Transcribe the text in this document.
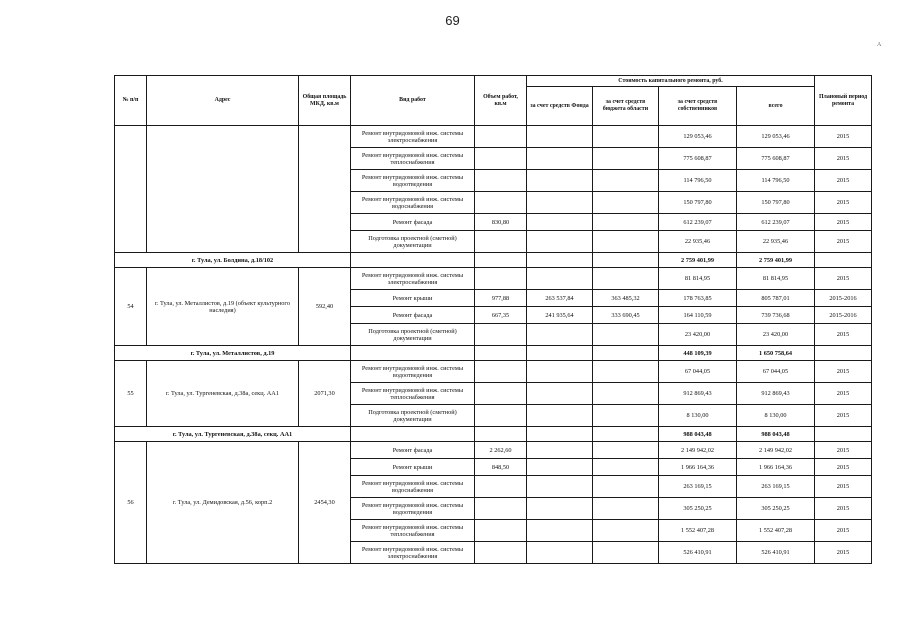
69
A
№ п/п	Адрес	Общая площадь МКД, кв.м	Вид работ	Объем работ, кв.м	Стоимость капитального ремонта, руб.				Плановый период ремонта
					за счет средств Фонда	за счет средств бюджета области	за счет средств собственников	всего	
			Ремонт внутридомовой инж. системы электроснабжения				129 053,46	129 053,46	2015
			Ремонт внутридомовой инж. системы теплоснабжения				775 608,87	775 608,87	2015
			Ремонт внутридомовой инж. системы водоотведения				114 796,50	114 796,50	2015
			Ремонт внутридомовой инж. системы водоснабжения				150 797,80	150 797,80	2015
			Ремонт фасада	830,80			612 239,07	612 239,07	2015
			Подготовка проектной (сметной) документации				22 935,46	22 935,46	2015
г. Тула, ул. Болдина, д.18/102							2 759 401,99	2 759 401,99	
54	г. Тула, ул. Металлистов, д.19 (объект культурного наследия)	592,40	Ремонт внутридомовой инж. системы электроснабжения				81 814,95	81 814,95	2015
			Ремонт крыши	977,88	263 537,84	363 485,32	178 763,85	805 787,01	2015-2016
			Ремонт фасада	667,35	241 935,64	333 690,45	164 110,59	739 736,68	2015-2016
			Подготовка проектной (сметной) документации				23 420,00	23 420,00	2015
г. Тула, ул. Металлистов, д.19							448 109,39	1 650 758,64	
55	г. Тула, ул. Тургеневская, д.38а, секц. АА1	2071,30	Ремонт внутридомовой инж. системы водоотведения				67 044,05	67 044,05	2015
			Ремонт внутридомовой инж. системы теплоснабжения				912 869,43	912 869,43	2015
			Подготовка проектной (сметной) документации				8 130,00	8 130,00	2015
г. Тула, ул. Тургеневская, д.38а, секц. АА1							988 043,48	988 043,48	
56	г. Тула, ул. Демидовская, д.56, корп.2	2454,30	Ремонт фасада	2 262,60			2 149 942,02	2 149 942,02	2015
			Ремонт крыши	848,50			1 966 164,36	1 966 164,36	2015
			Ремонт внутридомовой инж. системы водоснабжения				263 169,15	263 169,15	2015
			Ремонт внутридомовой инж. системы водоотведения				305 250,25	305 250,25	2015
			Ремонт внутридомовой инж. системы теплоснабжения				1 552 407,28	1 552 407,28	2015
			Ремонт внутридомовой инж. системы электроснабжения				526 410,91	526 410,91	2015
